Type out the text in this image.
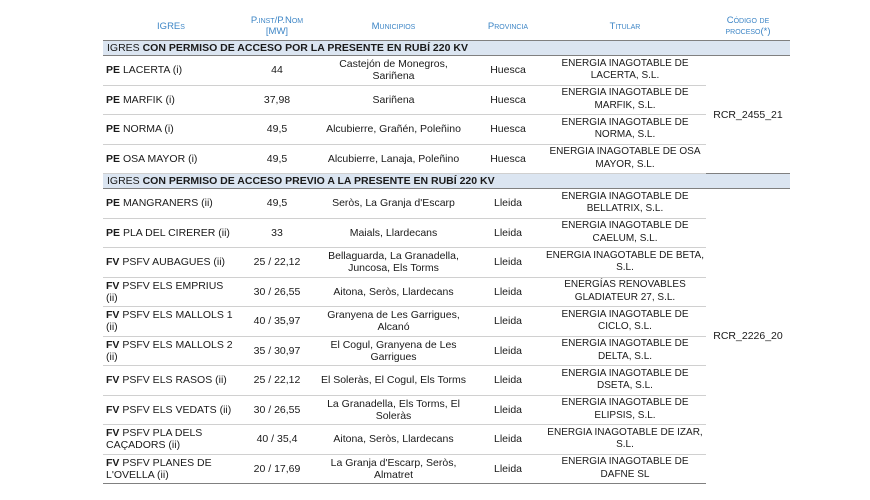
IGREs	P.inst/P.Nom [MW]	Municipios	Provincia	Titular	Código de proceso(*)
IGRES CON PERMISO DE ACCESO POR LA PRESENTE EN RUBÍ 220 KV					
PE LACERTA (i)	44	Castejón de Monegros, Sariñena	Huesca	ENERGIA INAGOTABLE DE LACERTA, S.L.	RCR_2455_21
PE MARFIK (i)	37,98	Sariñena	Huesca	ENERGIA INAGOTABLE DE MARFIK, S.L.	
PE NORMA (i)	49,5	Alcubierre, Grañén, Poleñino	Huesca	ENERGIA INAGOTABLE DE NORMA, S.L.	
PE OSA MAYOR (i)	49,5	Alcubierre, Lanaja, Poleñino	Huesca	ENERGIA INAGOTABLE DE OSA MAYOR, S.L.	
IGRES CON PERMISO DE ACCESO PREVIO A LA PRESENTE EN RUBÍ 220 KV					
PE MANGRANERS (ii)	49,5	Seròs, La Granja d'Escarp	Lleida	ENERGIA INAGOTABLE DE BELLATRIX, S.L.	RCR_2226_20
PE PLA DEL CIRERER (ii)	33	Maials, Llardecans	Lleida	ENERGIA INAGOTABLE DE CAELUM, S.L.	
FV PSFV AUBAGUES (ii)	25 / 22,12	Bellaguarda, La Granadella, Juncosa, Els Torms	Lleida	ENERGIA INAGOTABLE DE BETA, S.L.	
FV PSFV ELS EMPRIUS (ii)	30 / 26,55	Aitona, Seròs, Llardecans	Lleida	ENERGÍAS RENOVABLES GLADIATEUR 27, S.L.	
FV PSFV ELS MALLOLS 1 (ii)	40 / 35,97	Granyena de Les Garrigues, Alcanó	Lleida	ENERGIA INAGOTABLE DE CICLO, S.L.	
FV PSFV ELS MALLOLS 2 (ii)	35 / 30,97	El Cogul, Granyena de Les Garrigues	Lleida	ENERGIA INAGOTABLE DE DELTA, S.L.	
FV PSFV ELS RASOS (ii)	25 / 22,12	El Soleràs, El Cogul, Els Torms	Lleida	ENERGIA INAGOTABLE DE DSETA, S.L.	
FV PSFV ELS VEDATS (ii)	30 / 26,55	La Granadella, Els Torms, El Soleràs	Lleida	ENERGIA INAGOTABLE DE ELIPSIS, S.L.	
FV PSFV PLA DELS CAÇADORS (ii)	40 / 35,4	Aitona, Seròs, Llardecans	Lleida	ENERGIA INAGOTABLE DE IZAR, S.L.	
FV PSFV PLANES DE L'OVELLA (ii)	20 / 17,69	La Granja d'Escarp, Seròs, Almatret	Lleida	ENERGIA INAGOTABLE DE DAFNE SL	
